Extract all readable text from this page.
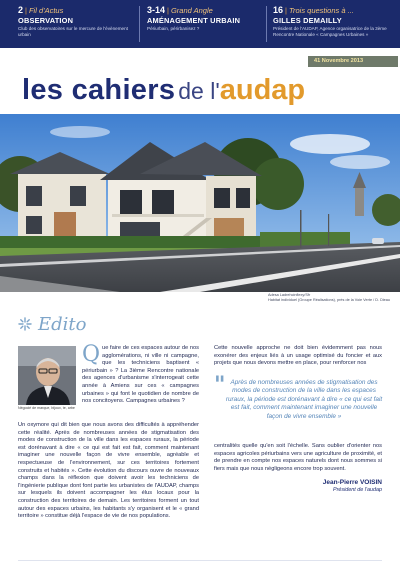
2 | Fil d'Actus
OBSERVATION
Club des observatoires sur le mercure de l'évènement urbain
3-14 | Grand Angle
AMÉNAGEMENT URBAIN
Périurbain, périrbanisez ?
16 | Trois questions à ...
GILLES DEMAILLY
Président de l'AUDAP, Agence organisatrice de la 3ème Rencontre Nationale « Campagnes Urbaines »
41 Novembre 2013
les cahiers de l'audap
Adesa Ladrehcinflexy/Sfr
Habitat individuel (Groupe Réalisations), près de la Voie Verte / D. Dieau
Edito
Négocié de marque, bijoux, te, arbe
Que faire de ces espaces autour de nos agglomérations, ni ville ni campagne, que les techniciens baptisent « périurbain » ? La 3ième Rencontre nationale des agences d'urbanisme s'interrogeait cette année à Amiens sur ces « campagnes urbaines » qui font le quotidien de nombre de nos concitoyens. Campagnes urbaines ?
Un oxymore qui dit bien que nous avons des difficultés à appréhender cette réalité. Après de nombreuses années de stigmatisation des modes de construction de la ville dans les espaces ruraux, la période est dorénavant à dire « ce qui est fait est fait, comment maintenant imaginer une nouvelle façon de vivre ensemble, agréable et respectueuse de l'environnement, sur ces territoires fortement construits et habités ». Cette évolution du discours ouvre de nouveaux champs dans la réflexion que doivent avoir les techniciens de l'ingénierie publique dont font partie les urbanistes de l'AUDAP, champs sur lesquels ils doivent accompagner les élus locaux pour la construction des territoires de demain. Les territoires forment un tout autour des espaces urbains, les habitants s'y organisent et le « grand territoire » constitue déjà l'espace de vie de nos populations.
Cette nouvelle approche ne doit bien évidemment pas nous exonérer des enjeux liés à un usage optimisé du foncier et aux projets que nous devons mettre en place, pour renforcer nos
" Après de nombreuses années de stigmatisation des modes de construction de la ville dans les espaces ruraux, la période est dorénavant à dire « ce qui est fait est fait, comment maintenant imaginer une nouvelle façon de vivre ensemble »
centralités quelle qu'en soit l'échelle. Sans oublier d'orienter nos espaces agricoles périurbains vers une agriculture de proximité, et de prendre en compte nos espaces naturels dont nous sommes si fiers mais que nous négligeons encore trop souvent.
Jean-Pierre VOISIN
Président de l'audap
